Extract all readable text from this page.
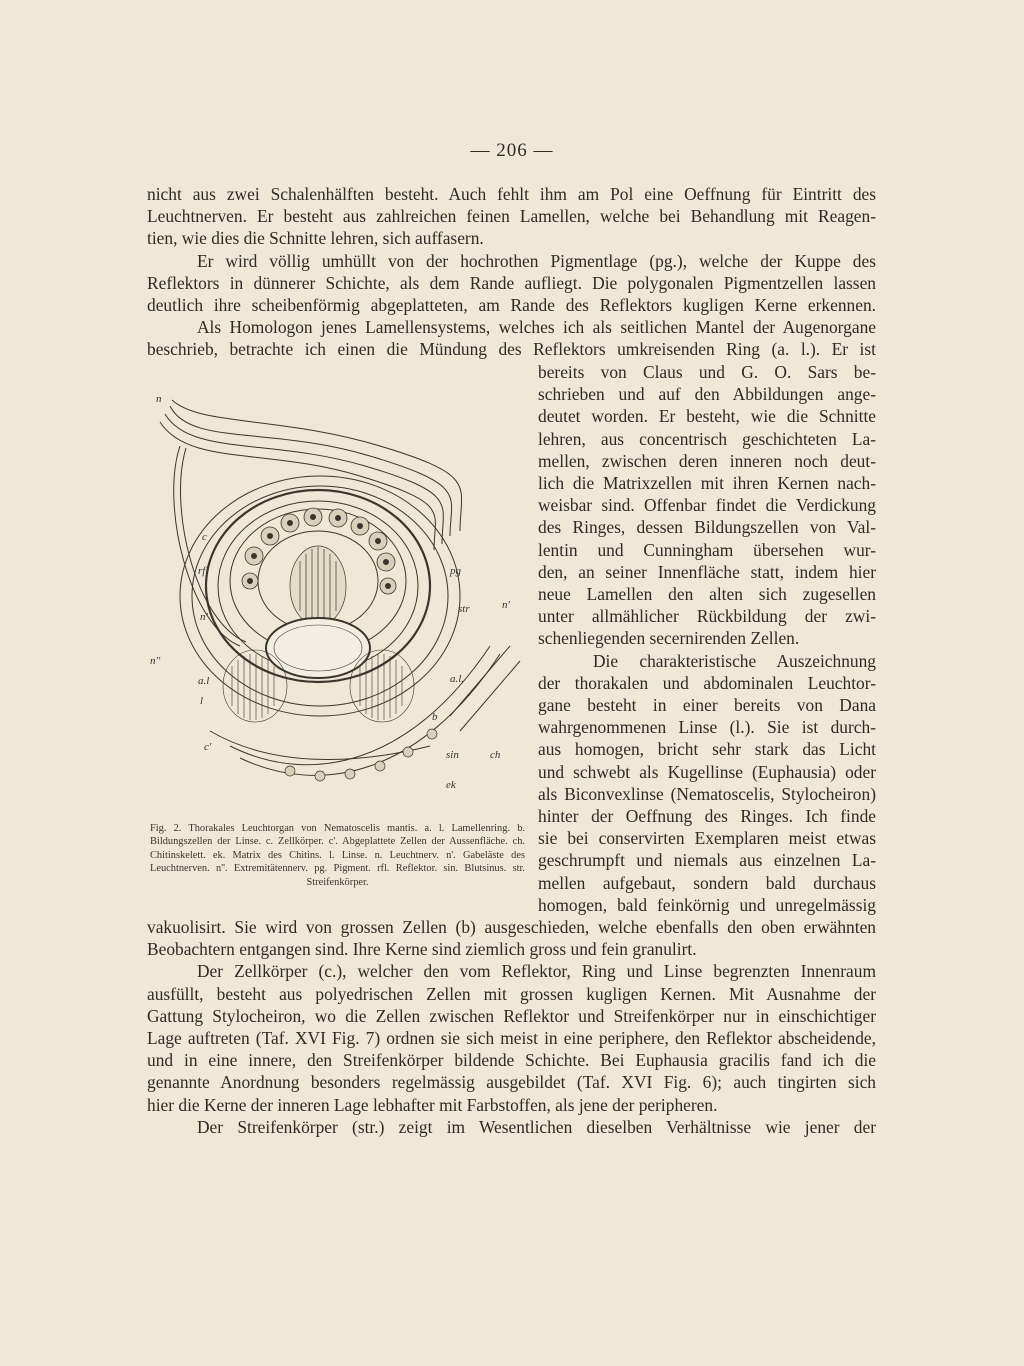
— 206 —
nicht aus zwei Schalenhälften besteht. Auch fehlt ihm am Pol eine Oeffnung für Eintritt des
Leuchtnerven. Er besteht aus zahlreichen feinen Lamellen, welche bei Behandlung mit Reagen-
tien, wie dies die Schnitte lehren, sich auffasern.
Er wird völlig umhüllt von der hochrothen Pigmentlage (pg.), welche der Kuppe des
Reflektors in dünnerer Schichte, als dem Rande aufliegt. Die polygonalen Pigmentzellen lassen
deutlich ihre scheibenförmig abgeplatteten, am Rande des Reflektors kugligen Kerne erkennen.
Als Homologon jenes Lamellensystems, welches ich als seitlichen Mantel der Augenorgane
beschrieb, betrachte ich einen die Mündung des Reflektors umkreisenden Ring (a. l.). Er ist
bereits von Claus und G. O. Sars be-
schrieben und auf den Abbildungen ange-
deutet worden. Er besteht, wie die Schnitte
lehren, aus concentrisch geschichteten La-
mellen, zwischen deren inneren noch deut-
lich die Matrixzellen mit ihren Kernen nach-
weisbar sind. Offenbar findet die Verdickung
des Ringes, dessen Bildungszellen von Val-
lentin und Cunningham übersehen wur-
den, an seiner Innenfläche statt, indem hier
neue Lamellen den alten sich zugesellen
unter allmählicher Rückbildung der zwi-
schenliegenden secernirenden Zellen.
Die charakteristische Auszeichnung
der thorakalen und abdominalen Leuchtor-
gane besteht in einer bereits von Dana
wahrgenommenen Linse (l.). Sie ist durch-
aus homogen, bricht sehr stark das Licht
und schwebt als Kugellinse (Euphausia) oder
als Biconvexlinse (Nematoscelis, Stylocheiron)
hinter der Oeffnung des Ringes. Ich finde
sie bei conservirten Exemplaren meist etwas
geschrumpft und niemals aus einzelnen La-
mellen aufgebaut, sondern bald durchaus
homogen, bald feinkörnig und unregelmässig
n
c
rfl
n'
n''
a.l
l
c'
pg
str	n'
a.l.
b
ch
sin
ek
Fig. 2. Thorakales Leuchtorgan von Nematoscelis mantis. a. l. Lamellenring. b. Bildungszellen der Linse. c. Zellkörper. c'. Abgeplattete Zellen der Aussenfläche. ch. Chitinskelett. ek. Matrix des Chitins. l. Linse. n. Leuchtnerv. n'. Gabeläste des Leuchtnerven. n''. Extremitätennerv. pg. Pigment. rfl. Reflektor. sin. Blutsinus. str. Streifenkörper.
vakuolisirt. Sie wird von grossen Zellen (b) ausgeschieden, welche ebenfalls den oben erwähnten
Beobachtern entgangen sind. Ihre Kerne sind ziemlich gross und fein granulirt.
Der Zellkörper (c.), welcher den vom Reflektor, Ring und Linse begrenzten Innenraum
ausfüllt, besteht aus polyedrischen Zellen mit grossen kugligen Kernen. Mit Ausnahme der
Gattung Stylocheiron, wo die Zellen zwischen Reflektor und Streifenkörper nur in einschichtiger
Lage auftreten (Taf. XVI Fig. 7) ordnen sie sich meist in eine periphere, den Reflektor abscheidende,
und in eine innere, den Streifenkörper bildende Schichte. Bei Euphausia gracilis fand ich die
genannte Anordnung besonders regelmässig ausgebildet (Taf. XVI Fig. 6); auch tingirten sich
hier die Kerne der inneren Lage lebhafter mit Farbstoffen, als jene der peripheren.
Der Streifenkörper (str.) zeigt im Wesentlichen dieselben Verhältnisse wie jener der
